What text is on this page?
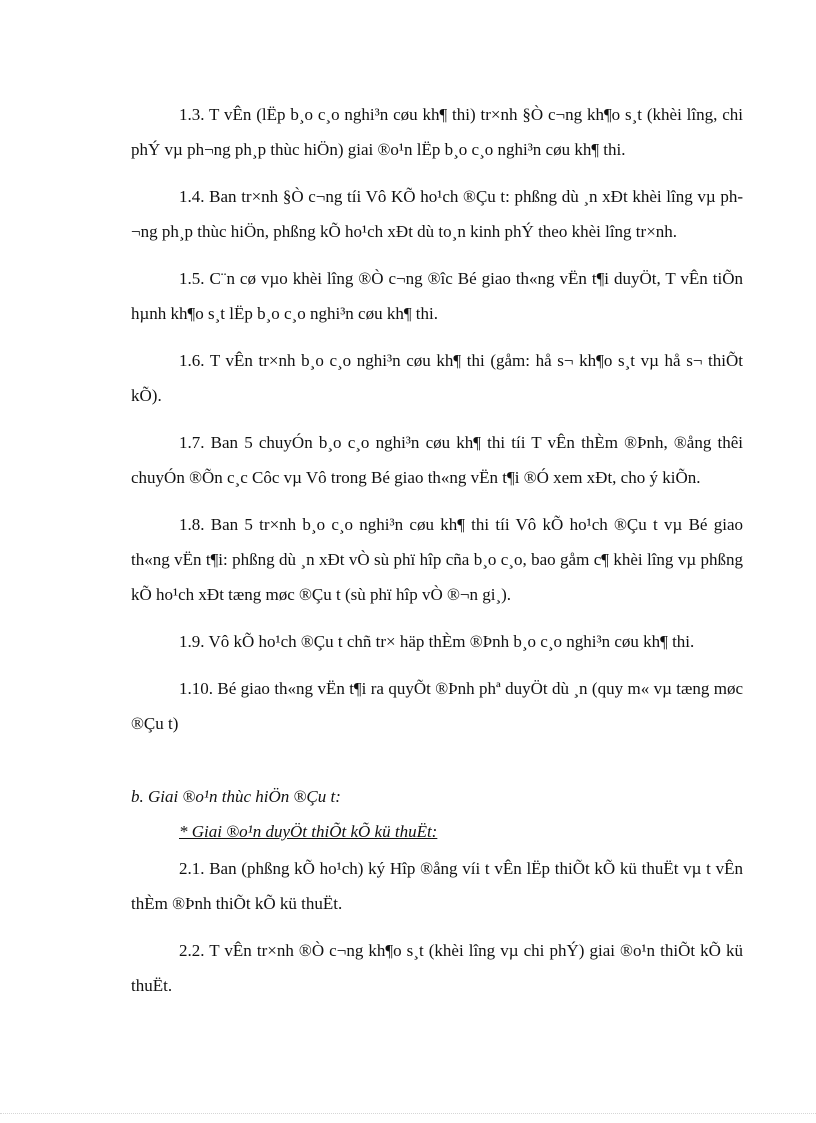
1.3. T vÊn (lËp b¸o c¸o nghi³n cøu kh¶ thi) tr×nh §Ò c¬ng kh¶o s¸t (khèi lîng, chi phÝ vµ ph¬ng ph¸p thùc hiÖn) giai ®o¹n lËp b¸o c¸o nghi³n cøu kh¶ thi.

1.4. Ban tr×nh §Ò c¬ng tíi Vô KÕ ho¹ch ®Çu t: phßng dù ¸n xÐt khèi lîng vµ ph¬ng ph¸p thùc hiÖn, phßng kÕ ho¹ch xÐt dù to¸n kinh phÝ theo khèi lîng tr×nh.

1.5. C¨n cø vµo khèi lîng ®Ò c¬ng ®îc Bé giao th«ng vËn t¶i duyÖt, T vÊn tiÕn hµnh kh¶o s¸t lËp b¸o c¸o nghi³n cøu kh¶ thi.

1.6. T vÊn tr×nh b¸o c¸o nghi³n cøu kh¶ thi (gåm: hå s¬ kh¶o s¸t vµ hå s¬ thiÕt kÕ).

1.7. Ban 5 chuyÓn b¸o c¸o nghi³n cøu kh¶ thi tíi T vÊn thÈm ®Þnh, ®ång thêi chuyÓn ®Õn c¸c Côc vµ Vô trong Bé giao th«ng vËn t¶i ®Ó xem xÐt, cho ý kiÕn.

1.8. Ban 5 tr×nh b¸o c¸o nghi³n cøu kh¶ thi tíi Vô kÕ ho¹ch ®Çu t vµ Bé giao th«ng vËn t¶i: phßng dù ¸n xÐt vÒ sù phï hîp cña b¸o c¸o, bao gåm c¶ khèi lîng vµ phßng kÕ ho¹ch xÐt tæng møc ®Çu t (sù phï hîp vÒ ®¬n gi¸).

1.9. Vô kÕ ho¹ch ®Çu t chñ tr× häp thÈm ®Þnh b¸o c¸o nghi³n cøu kh¶ thi.

1.10. Bé giao th«ng vËn t¶i ra quyÕt ®Þnh phª duyÖt dù ¸n (quy m« vµ tæng møc ®Çu t)

b. Giai ®o¹n thùc hiÖn ®Çu t:
* Giai ®o¹n duyÖt thiÕt kÕ kü thuËt:

2.1. Ban (phßng kÕ ho¹ch) ký Hîp ®ång víi t vÊn lËp thiÕt kÕ kü thuËt vµ t vÊn thÈm ®Þnh thiÕt kÕ kü thuËt.

2.2. T vÊn tr×nh ®Ò c¬ng kh¶o s¸t (khèi lîng vµ chi phÝ) giai ®o¹n thiÕt kÕ kü thuËt.
